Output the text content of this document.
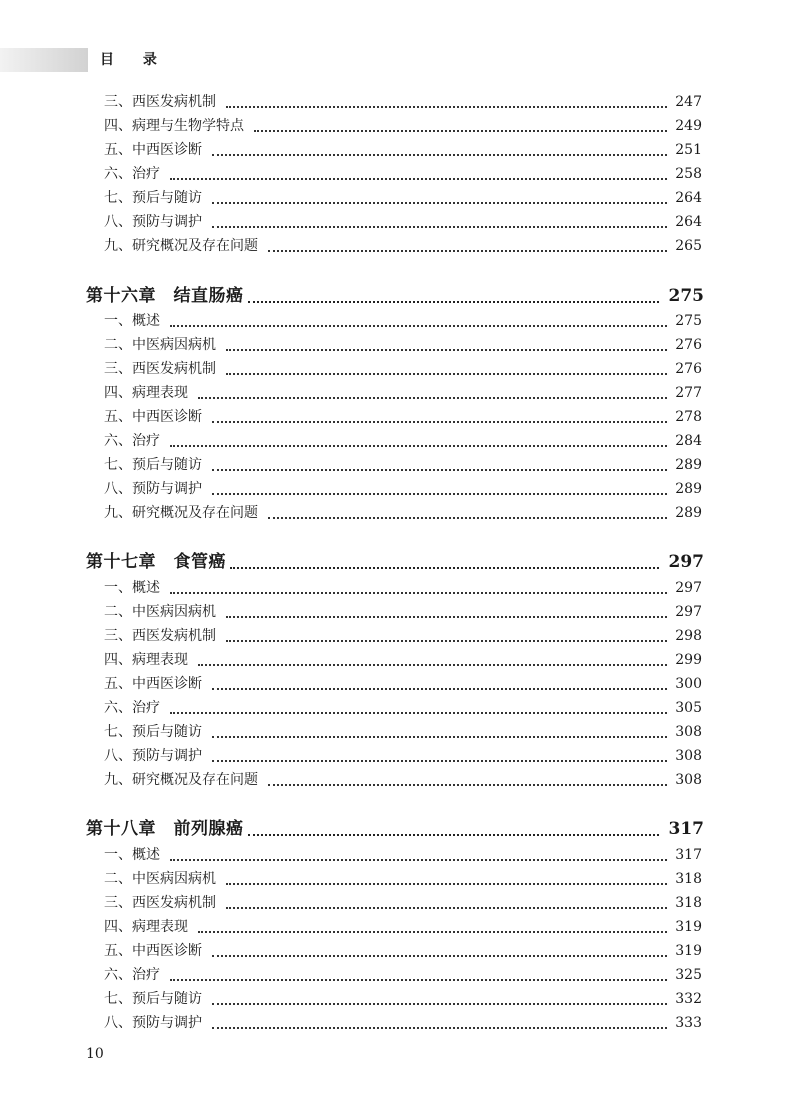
目 录
三、西医发病机制	247
四、病理与生物学特点	249
五、中西医诊断	251
六、治疗	258
七、预后与随访	264
八、预防与调护	264
九、研究概况及存在问题	265
第十六章　结直肠癌	275
一、概述	275
二、中医病因病机	276
三、西医发病机制	276
四、病理表现	277
五、中西医诊断	278
六、治疗	284
七、预后与随访	289
八、预防与调护	289
九、研究概况及存在问题	289
第十七章　食管癌	297
一、概述	297
二、中医病因病机	297
三、西医发病机制	298
四、病理表现	299
五、中西医诊断	300
六、治疗	305
七、预后与随访	308
八、预防与调护	308
九、研究概况及存在问题	308
第十八章　前列腺癌	317
一、概述	317
二、中医病因病机	318
三、西医发病机制	318
四、病理表现	319
五、中西医诊断	319
六、治疗	325
七、预后与随访	332
八、预防与调护	333
10
